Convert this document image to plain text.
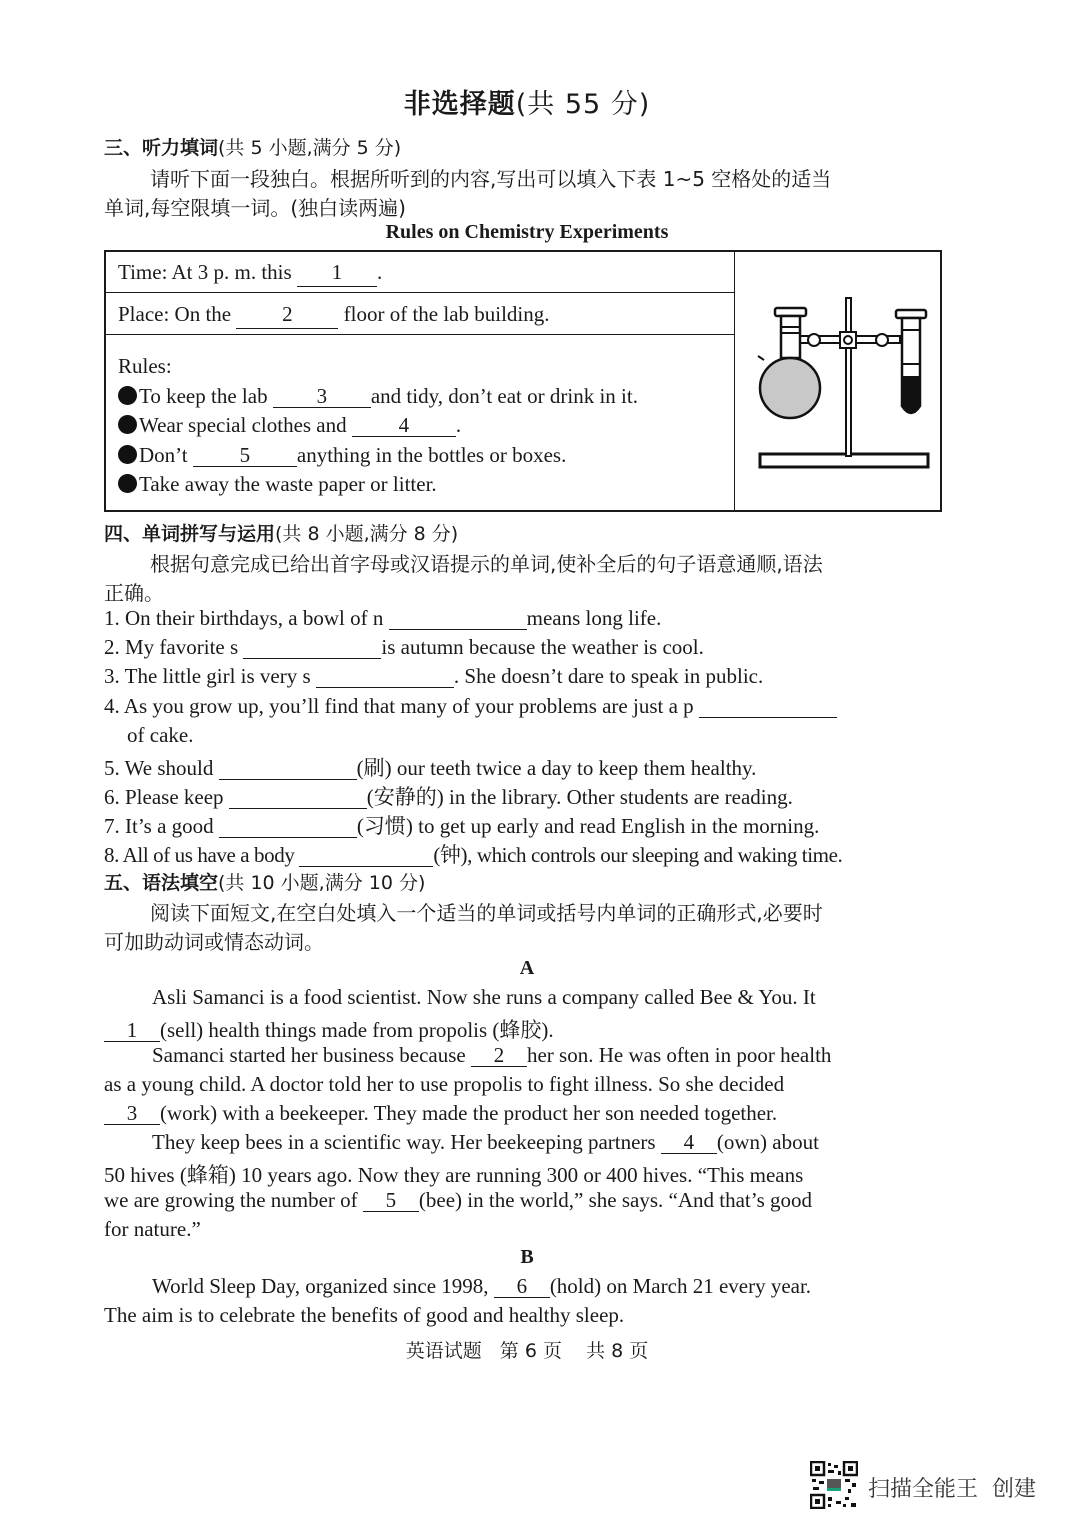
非选择题(共 55 分)
三、听力填词(共 5 小题,满分 5 分)
请听下面一段独白。根据所听到的内容,写出可以填入下表 1~5 空格处的适当
单词,每空限填一词。(独白读两遍)
Rules on Chemistry Experiments
Time: At 3 p. m. this 1 .
Place: On the 2 floor of the lab building.
Rules:
To keep the lab 3 and tidy, don’t eat or drink in it.
Wear special clothes and 4 .
Don’t 5 anything in the bottles or boxes.
Take away the waste paper or litter.
四、单词拼写与运用(共 8 小题,满分 8 分)
根据句意完成已给出首字母或汉语提示的单词,使补全后的句子语意通顺,语法
正确。
1. On their birthdays, a bowl of n	means long life.
2. My favorite s	is autumn because the weather is cool.
3. The little girl is very s	. She doesn’t dare to speak in public.
4. As you grow up, you’ll find that many of your problems are just a p
of cake.
5. We should	(刷) our teeth twice a day to keep them healthy.
6. Please keep	(安静的) in the library. Other students are reading.
7. It’s a good	(习惯) to get up early and read English in the morning.
8. All of us have a body	(钟), which controls our sleeping and waking time.
五、语法填空(共 10 小题,满分 10 分)
阅读下面短文,在空白处填入一个适当的单词或括号内单词的正确形式,必要时
可加助动词或情态动词。
A
Asli Samanci is a food scientist. Now she runs a company called Bee & You. It
1 (sell) health things made from propolis (蜂胶).
Samanci started her business because 2 her son. He was often in poor health
as a young child. A doctor told her to use propolis to fight illness. So she decided
3 (work) with a beekeeper. They made the product her son needed together.
They keep bees in a scientific way. Her beekeeping partners 4 (own) about
50 hives (蜂箱) 10 years ago. Now they are running 300 or 400 hives. “This means
we are growing the number of 5 (bee) in the world,” she says. “And that’s good
for nature.”
B
World Sleep Day, organized since 1998, 6 (hold) on March 21 every year.
The aim is to celebrate the benefits of good and healthy sleep.
英语试题   第 6 页    共 8 页
扫描全能王  创建
